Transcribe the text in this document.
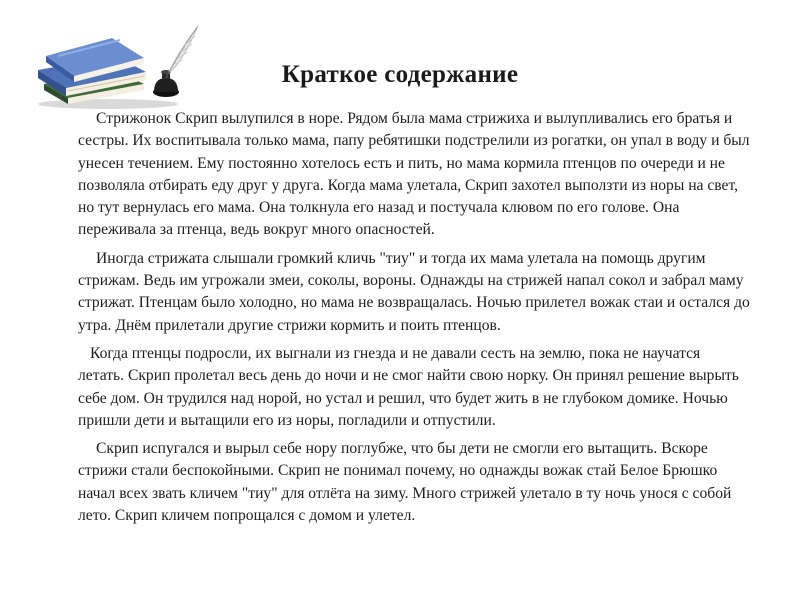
Краткое содержание

Стрижонок Скрип вылупился в норе. Рядом была мама стрижиха и вылупливались его братья и сестры. Их воспитывала только мама, папу ребятишки подстрелили из рогатки, он упал в воду и был унесен течением. Ему постоянно хотелось есть и пить, но мама кормила птенцов по очереди и не позволяла отбирать еду друг у друга. Когда мама улетала, Скрип захотел выползти из норы на свет, но тут вернулась его мама. Она толкнула его назад и постучала клювом по его голове. Она переживала за птенца, ведь вокруг много опасностей.

Иногда стрижата слышали громкий кличь "тиу" и тогда их мама улетала на помощь другим стрижам. Ведь им угрожали змеи, соколы, вороны. Однажды на стрижей напал сокол и забрал маму стрижат. Птенцам было холодно, но мама не возвращалась. Ночью прилетел вожак стаи и остался до утра. Днём прилетали другие стрижи кормить и поить птенцов.

Когда птенцы подросли, их выгнали из гнезда и не давали сесть на землю, пока не научатся летать. Скрип пролетал весь день до ночи и не смог найти свою норку. Он принял решение вырыть себе дом. Он трудился над норой, но устал и решил, что будет жить в не глубоком домике. Ночью пришли дети и вытащили его из норы, погладили и отпустили.

Скрип испугался и вырыл себе нору поглубже, что бы дети не смогли его вытащить. Вскоре стрижи стали беспокойными. Скрип не понимал почему, но однажды вожак стай Белое Брюшко начал всех звать кличем "тиу" для отлёта на зиму. Много стрижей улетало в ту ночь унося с собой лето. Скрип кличем попрощался с домом и улетел.
